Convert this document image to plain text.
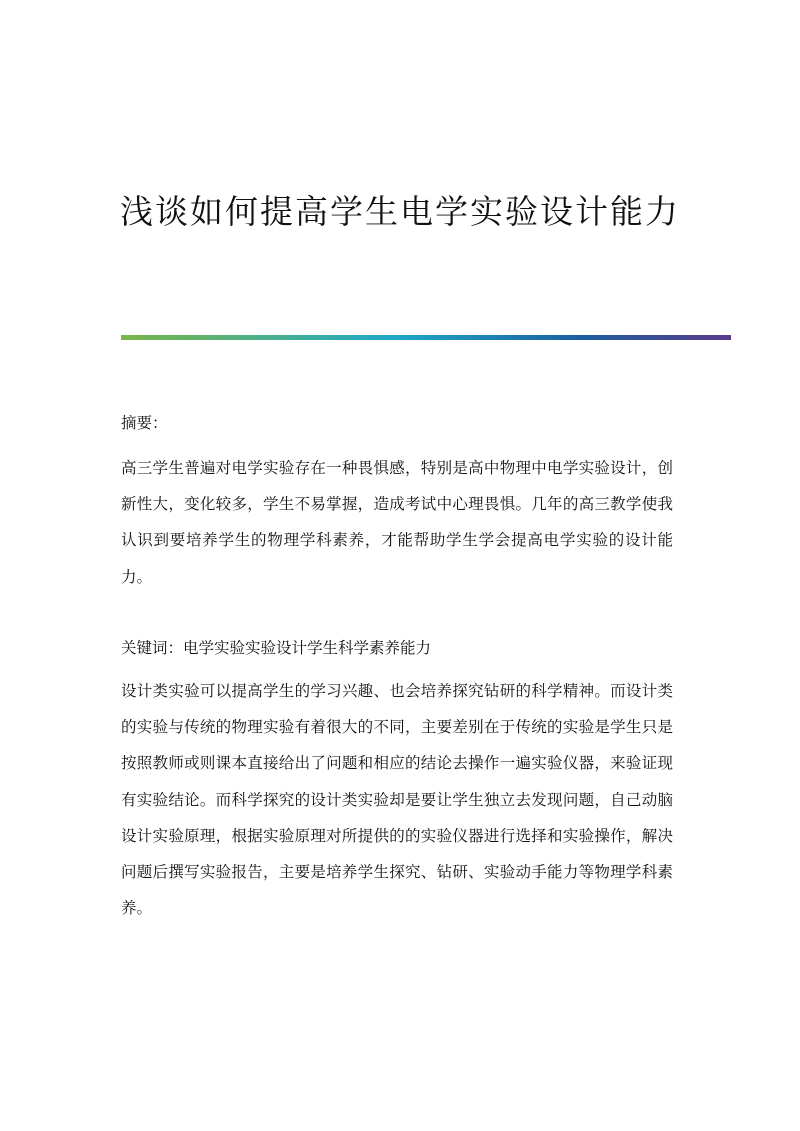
浅谈如何提高学生电学实验设计能力

摘要：

高三学生普遍对电学实验存在一种畏惧感，特别是高中物理中电学实验设计，创新性大，变化较多，学生不易掌握，造成考试中心理畏惧。几年的高三教学使我认识到要培养学生的物理学科素养，才能帮助学生学会提高电学实验的设计能力。

关键词：电学实验实验设计学生科学素养能力

设计类实验可以提高学生的学习兴趣、也会培养探究钻研的科学精神。而设计类的实验与传统的物理实验有着很大的不同，主要差别在于传统的实验是学生只是按照教师或则课本直接给出了问题和相应的结论去操作一遍实验仪器，来验证现有实验结论。而科学探究的设计类实验却是要让学生独立去发现问题，自己动脑设计实验原理，根据实验原理对所提供的的实验仪器进行选择和实验操作，解决问题后撰写实验报告，主要是培养学生探究、钻研、实验动手能力等物理学科素养。
